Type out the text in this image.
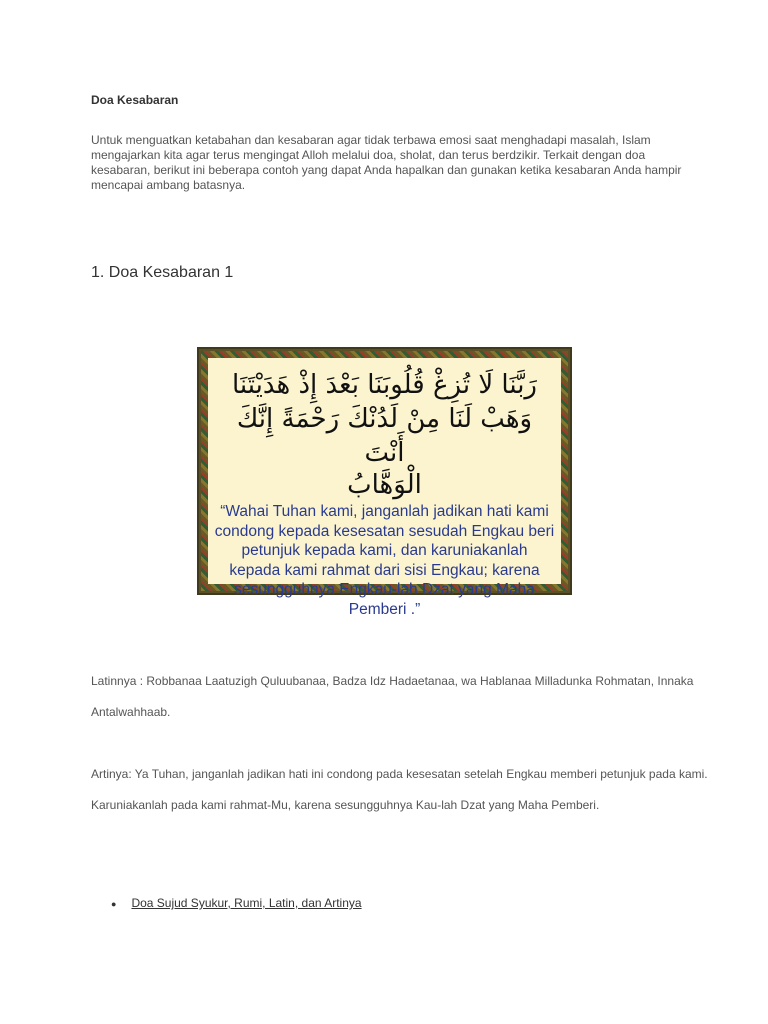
Doa Kesabaran
Untuk menguatkan ketabahan dan kesabaran agar tidak terbawa emosi saat menghadapi masalah, Islam mengajarkan kita agar terus mengingat Alloh melalui doa, sholat, dan terus berdzikir. Terkait dengan doa kesabaran, berikut ini beberapa contoh yang dapat Anda hapalkan dan gunakan ketika kesabaran Anda hampir mencapai ambang batasnya.
1. Doa Kesabaran 1
رَبَّنَا لَا تُزِغْ قُلُوبَنَا بَعْدَ إِذْ هَدَيْتَنَا
وَهَبْ لَنَا مِنْ لَدُنْكَ رَحْمَةً إِنَّكَ أَنْتَ
الْوَهَّابُ
“Wahai Tuhan kami, janganlah jadikan hati kami condong kepada kesesatan sesudah Engkau beri petunjuk kepada kami, dan karuniakanlah kepada kami rahmat dari sisi Engkau; karena sesungguhnya Engkau-lah Dzat yang Maha Pemberi .”
Latinnya : Robbanaa Laatuzigh Quluubanaa, Badza Idz Hadaetanaa, wa Hablanaa Milladunka Rohmatan, Innaka Antalwahhaab.
Artinya: Ya Tuhan, janganlah jadikan hati ini condong pada kesesatan setelah Engkau memberi petunjuk pada kami. Karuniakanlah pada kami rahmat-Mu, karena sesungguhnya Kau-lah Dzat yang Maha Pemberi.
● Doa Sujud Syukur, Rumi, Latin, dan Artinya
